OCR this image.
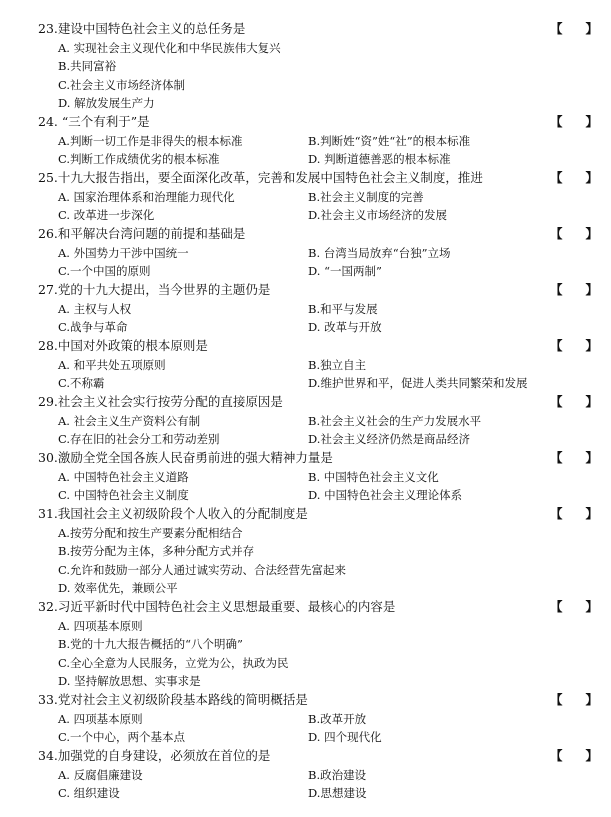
23.建设中国特色社会主义的总任务是	【 】
A. 实现社会主义现代化和中华民族伟大复兴
B.共同富裕
C.社会主义市场经济体制
D. 解放发展生产力
24. “三个有利于”是	【 】
A.判断一切工作是非得失的根本标准	B.判断姓“资”姓“社”的根本标准
C.判断工作成绩优劣的根本标准	D. 判断道德善恶的根本标准
25.十九大报告指出，要全面深化改革，完善和发展中国特色社会主义制度，推进	【 】
A. 国家治理体系和治理能力现代化	B.社会主义制度的完善
C. 改革进一步深化	D.社会主义市场经济的发展
26.和平解决台湾问题的前提和基础是	【 】
A. 外国势力干涉中国统一	B. 台湾当局放弃“台独”立场
C.一个中国的原则	D. “一国两制”
27.党的十九大提出，当今世界的主题仍是	【 】
A. 主权与人权	B.和平与发展
C.战争与革命	D. 改革与开放
28.中国对外政策的根本原则是	【 】
A. 和平共处五项原则	B.独立自主
C.不称霸	D.维护世界和平，促进人类共同繁荣和发展
29.社会主义社会实行按劳分配的直接原因是	【 】
A. 社会主义生产资料公有制	B.社会主义社会的生产力发展水平
C.存在旧的社会分工和劳动差别	D.社会主义经济仍然是商品经济
30.激励全党全国各族人民奋勇前进的强大精神力量是	【 】
A. 中国特色社会主义道路	B. 中国特色社会主义文化
C. 中国特色社会主义制度	D. 中国特色社会主义理论体系
31.我国社会主义初级阶段个人收入的分配制度是	【 】
A.按劳分配和按生产要素分配相结合
B.按劳分配为主体，多种分配方式并存
C.允许和鼓励一部分人通过诚实劳动、合法经营先富起来
D. 效率优先，兼顾公平
32.习近平新时代中国特色社会主义思想最重要、最核心的内容是	【 】
A. 四项基本原则
B.党的十九大报告概括的“八个明确”
C.全心全意为人民服务，立党为公，执政为民
D. 坚持解放思想、实事求是
33.党对社会主义初级阶段基本路线的简明概括是	【 】
A. 四项基本原则	B.改革开放
C.一个中心，两个基本点	D. 四个现代化
34.加强党的自身建设，必须放在首位的是	【 】
A. 反腐倡廉建设	B.政治建设
C. 组织建设	D.思想建设
